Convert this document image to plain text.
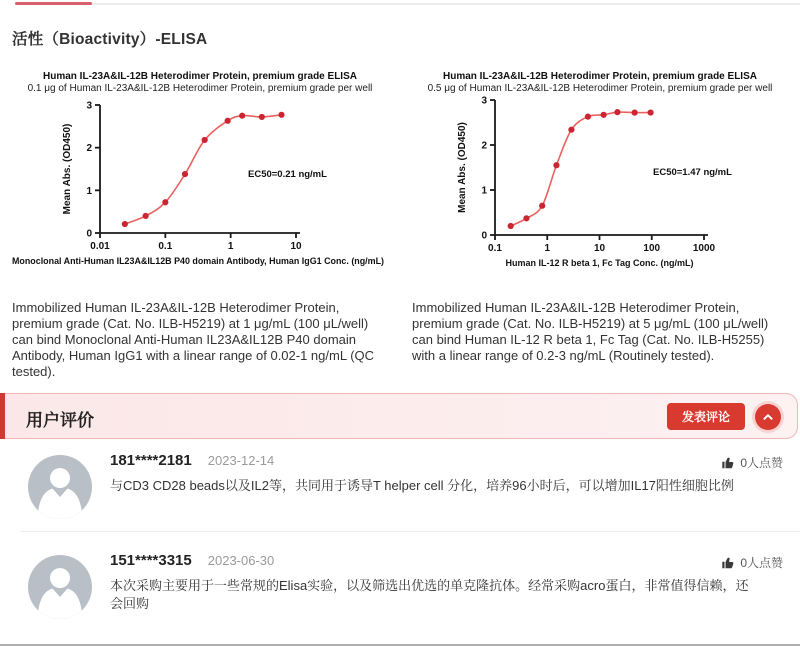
活性（Bioactivity）-ELISA
Human IL-23A&IL-12B Heterodimer Protein, premium grade ELISA
0.1 μg of Human IL-23A&IL-12B Heterodimer Protein, premium grade per well
0
1
2
3
0.01	0.1	1	10
Mean Abs. (OD450)	EC50=0.21 ng/mL
Monoclonal Anti-Human IL23A&IL12B P40 domain Antibody, Human IgG1 Conc. (ng/mL)
Human IL-23A&IL-12B Heterodimer Protein, premium grade ELISA
0.5 μg of Human IL-23A&IL-12B Heterodimer Protein, premium grade per well
0
1
2
3
0.1	1	10	100	1000
Mean Abs. (OD450)	EC50=1.47 ng/mL
Human IL-12 R beta 1, Fc Tag Conc. (ng/mL)

Immobilized Human IL-23A&IL-12B Heterodimer Protein, premium grade (Cat. No. ILB-H5219) at 1 μg/mL (100 μL/well) can bind Monoclonal Anti-Human IL23A&IL12B P40 domain Antibody, Human IgG1 with a linear range of 0.02-1 ng/mL (QC tested).

Immobilized Human IL-23A&IL-12B Heterodimer Protein, premium grade (Cat. No. ILB-H5219) at 5 μg/mL (100 μL/well) can bind Human IL-12 R beta 1, Fc Tag (Cat. No. ILB-H5255) with a linear range of 0.2-3 ng/mL (Routinely tested).

用户评价	发表评论
181****2181 2023-12-14
与CD3 CD28 beads以及IL2等，共同用于诱导T helper cell 分化，培养96小时后，可以增加IL17阳性细胞比例
0人点赞
151****3315 2023-06-30
本次采购主要用于一些常规的Elisa实验，以及筛选出优选的单克隆抗体。经常采购acro蛋白，非常值得信赖，还会回购
0人点赞
